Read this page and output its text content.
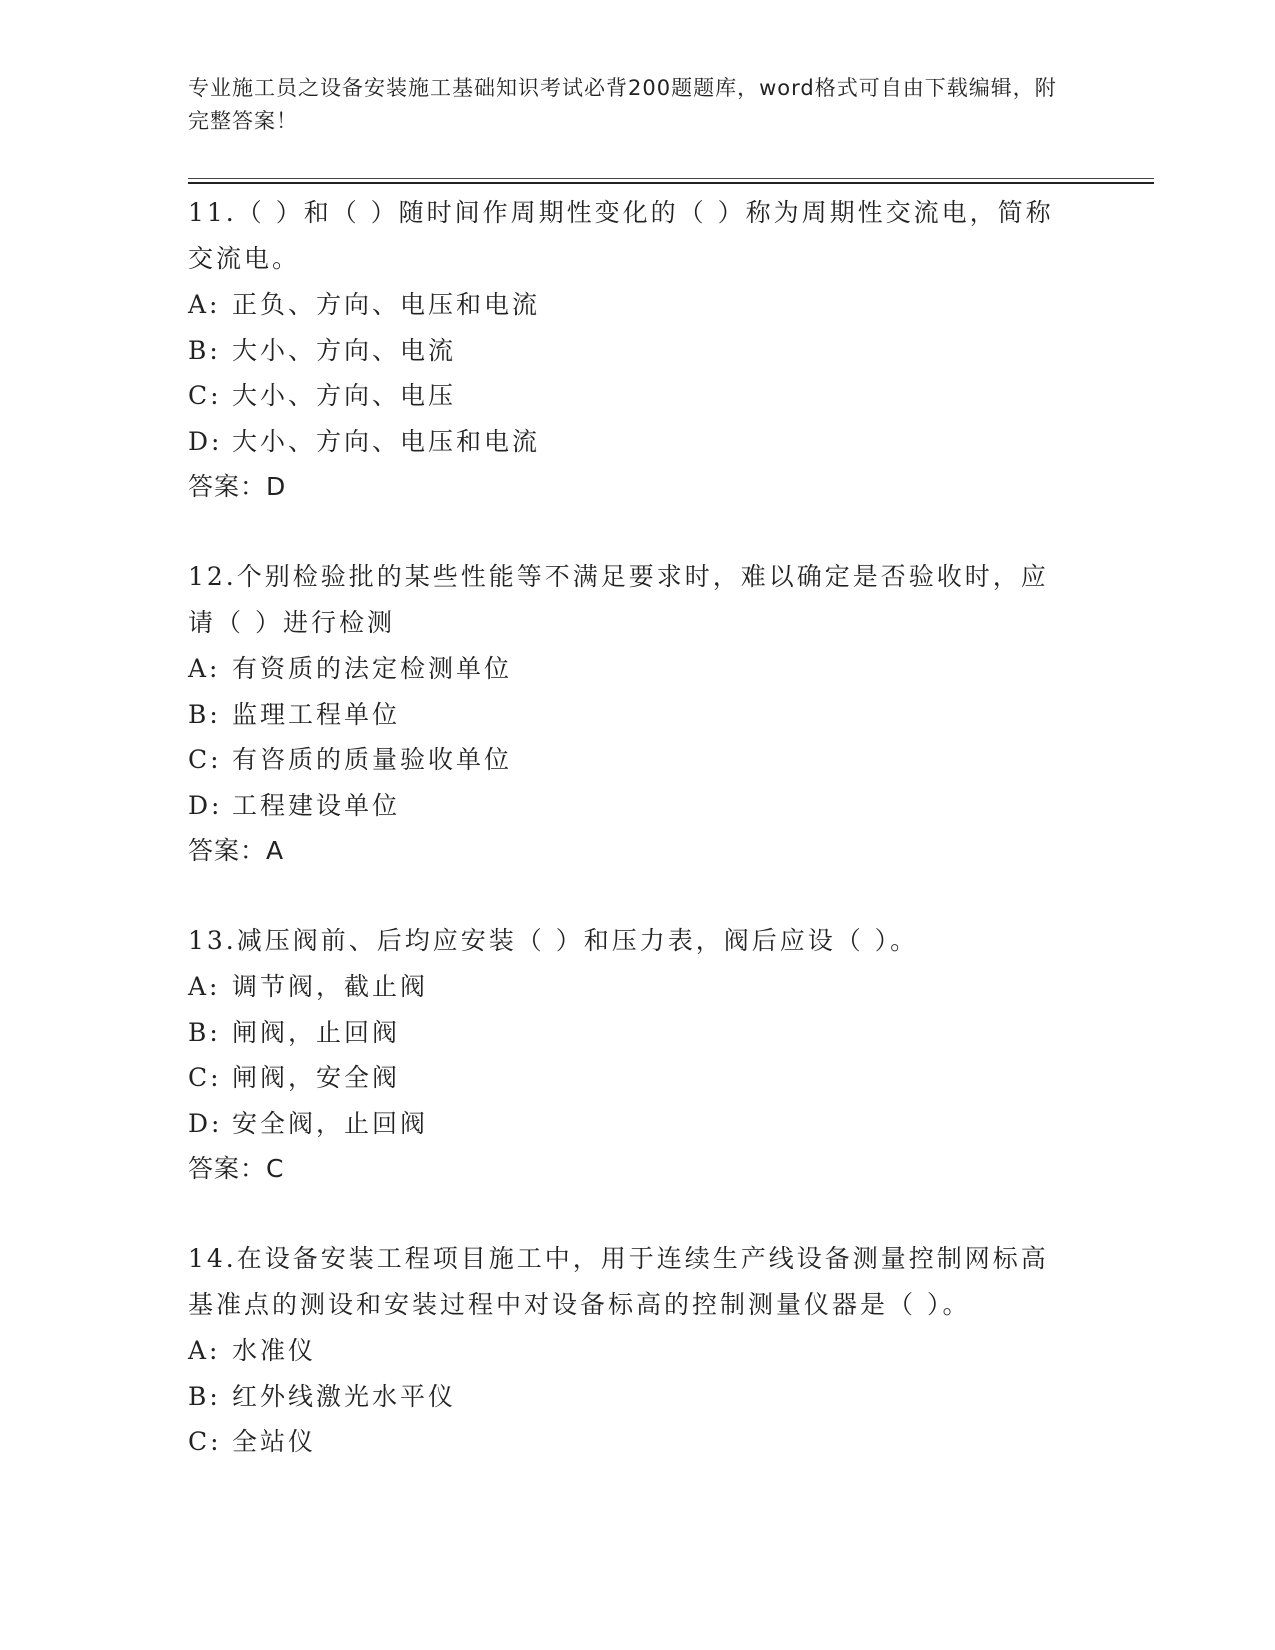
专业施工员之设备安装施工基础知识考试必背200题题库，word格式可自由下载编辑，附完整答案！
11.（ ）和（ ）随时间作周期性变化的（ ）称为周期性交流电，简称交流电。
A: 正负、方向、电压和电流
B: 大小、方向、电流
C: 大小、方向、电压
D: 大小、方向、电压和电流
答案：D
12.个别检验批的某些性能等不满足要求时，难以确定是否验收时，应请（ ）进行检测
A: 有资质的法定检测单位
B: 监理工程单位
C: 有咨质的质量验收单位
D: 工程建设单位
答案：A
13.减压阀前、后均应安装（ ）和压力表，阀后应设（ ）。
A: 调节阀，截止阀
B: 闸阀，止回阀
C: 闸阀，安全阀
D: 安全阀，止回阀
答案：C
14.在设备安装工程项目施工中，用于连续生产线设备测量控制网标高基准点的测设和安装过程中对设备标高的控制测量仪器是（ ）。
A: 水准仪
B: 红外线激光水平仪
C: 全站仪
